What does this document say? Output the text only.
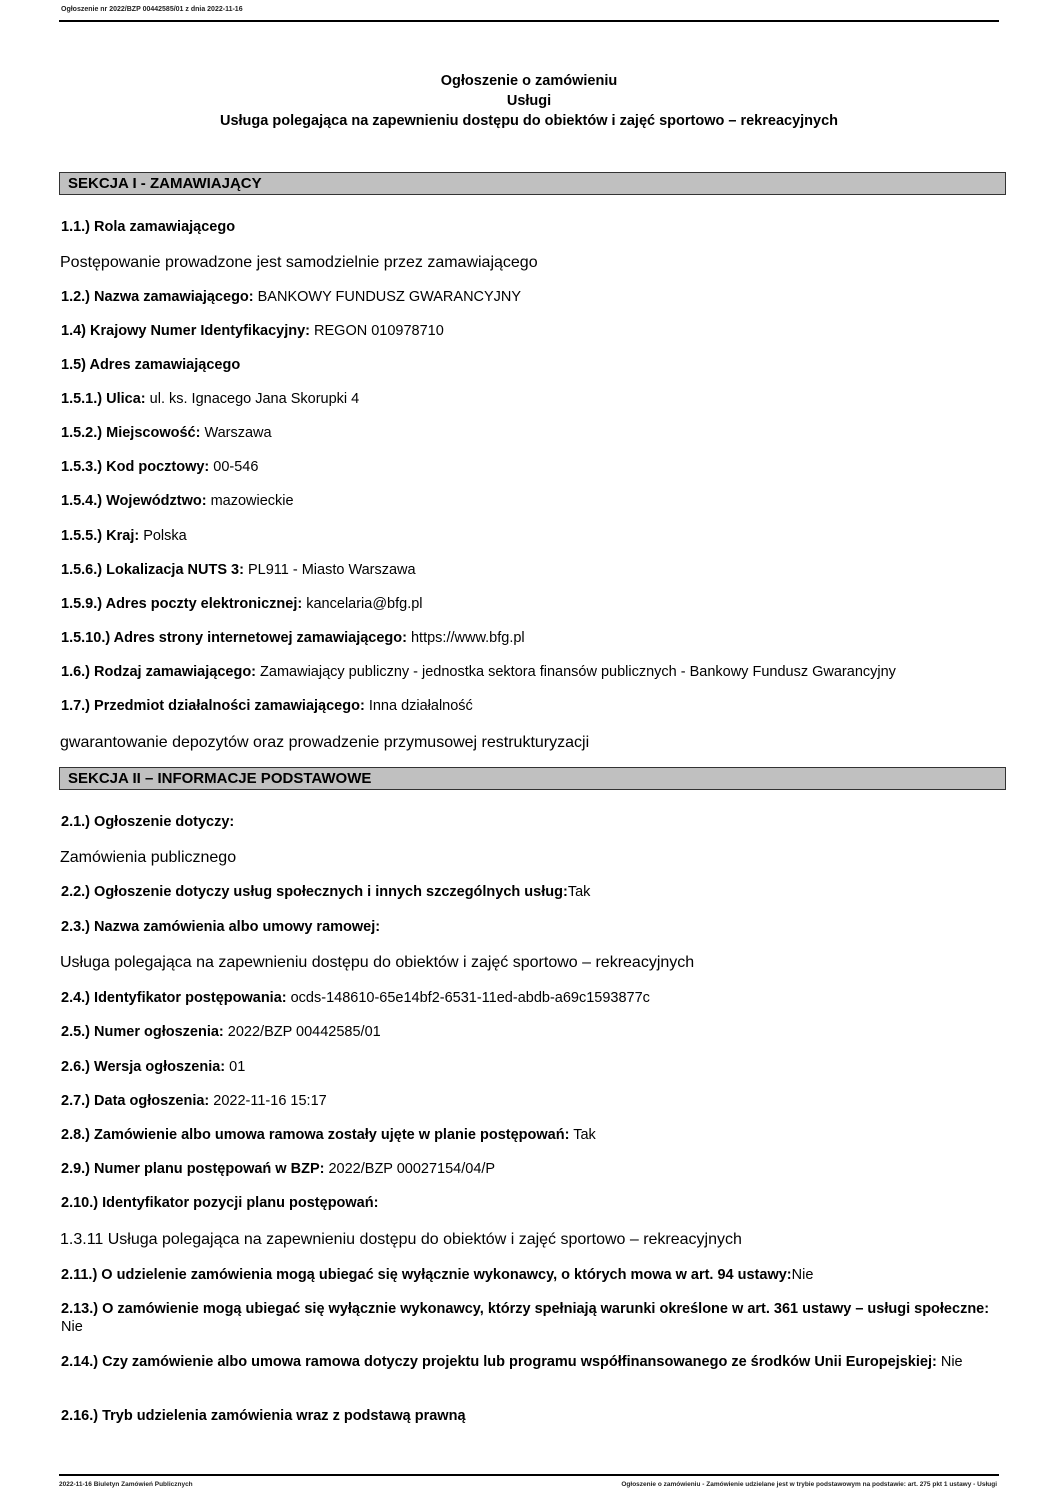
Ogłoszenie nr 2022/BZP 00442585/01 z dnia 2022-11-16
Ogłoszenie o zamówieniu
Usługi
Usługa polegająca na zapewnieniu dostępu do obiektów i zajęć sportowo – rekreacyjnych
SEKCJA I - ZAMAWIAJĄCY
1.1.) Rola zamawiającego
Postępowanie prowadzone jest samodzielnie przez zamawiającego
1.2.) Nazwa zamawiającego: BANKOWY FUNDUSZ GWARANCYJNY
1.4) Krajowy Numer Identyfikacyjny: REGON 010978710
1.5) Adres zamawiającego
1.5.1.) Ulica: ul. ks. Ignacego Jana Skorupki 4
1.5.2.) Miejscowość: Warszawa
1.5.3.) Kod pocztowy: 00-546
1.5.4.) Województwo: mazowieckie
1.5.5.) Kraj: Polska
1.5.6.) Lokalizacja NUTS 3: PL911 - Miasto Warszawa
1.5.9.) Adres poczty elektronicznej: kancelaria@bfg.pl
1.5.10.) Adres strony internetowej zamawiającego: https://www.bfg.pl
1.6.) Rodzaj zamawiającego: Zamawiający publiczny - jednostka sektora finansów publicznych - Bankowy Fundusz Gwarancyjny
1.7.) Przedmiot działalności zamawiającego: Inna działalność
gwarantowanie depozytów oraz prowadzenie przymusowej restrukturyzacji
SEKCJA II – INFORMACJE PODSTAWOWE
2.1.) Ogłoszenie dotyczy:
Zamówienia publicznego
2.2.) Ogłoszenie dotyczy usług społecznych i innych szczególnych usług:Tak
2.3.) Nazwa zamówienia albo umowy ramowej:
Usługa polegająca na zapewnieniu dostępu do obiektów i zajęć sportowo – rekreacyjnych
2.4.) Identyfikator postępowania: ocds-148610-65e14bf2-6531-11ed-abdb-a69c1593877c
2.5.) Numer ogłoszenia: 2022/BZP 00442585/01
2.6.) Wersja ogłoszenia: 01
2.7.) Data ogłoszenia: 2022-11-16 15:17
2.8.) Zamówienie albo umowa ramowa zostały ujęte w planie postępowań: Tak
2.9.) Numer planu postępowań w BZP: 2022/BZP 00027154/04/P
2.10.) Identyfikator pozycji planu postępowań:
1.3.11 Usługa polegająca na zapewnieniu dostępu do obiektów i zajęć sportowo – rekreacyjnych
2.11.) O udzielenie zamówienia mogą ubiegać się wyłącznie wykonawcy, o których mowa w art. 94 ustawy:Nie
2.13.) O zamówienie mogą ubiegać się wyłącznie wykonawcy, którzy spełniają warunki określone w art. 361 ustawy – usługi społeczne: Nie
2.14.) Czy zamówienie albo umowa ramowa dotyczy projektu lub programu współfinansowanego ze środków Unii Europejskiej: Nie
2.16.) Tryb udzielenia zamówienia wraz z podstawą prawną
2022-11-16 Biuletyn Zamówień Publicznych	Ogłoszenie o zamówieniu - Zamówienie udzielane jest w trybie podstawowym na podstawie: art. 275 pkt 1 ustawy - Usługi
